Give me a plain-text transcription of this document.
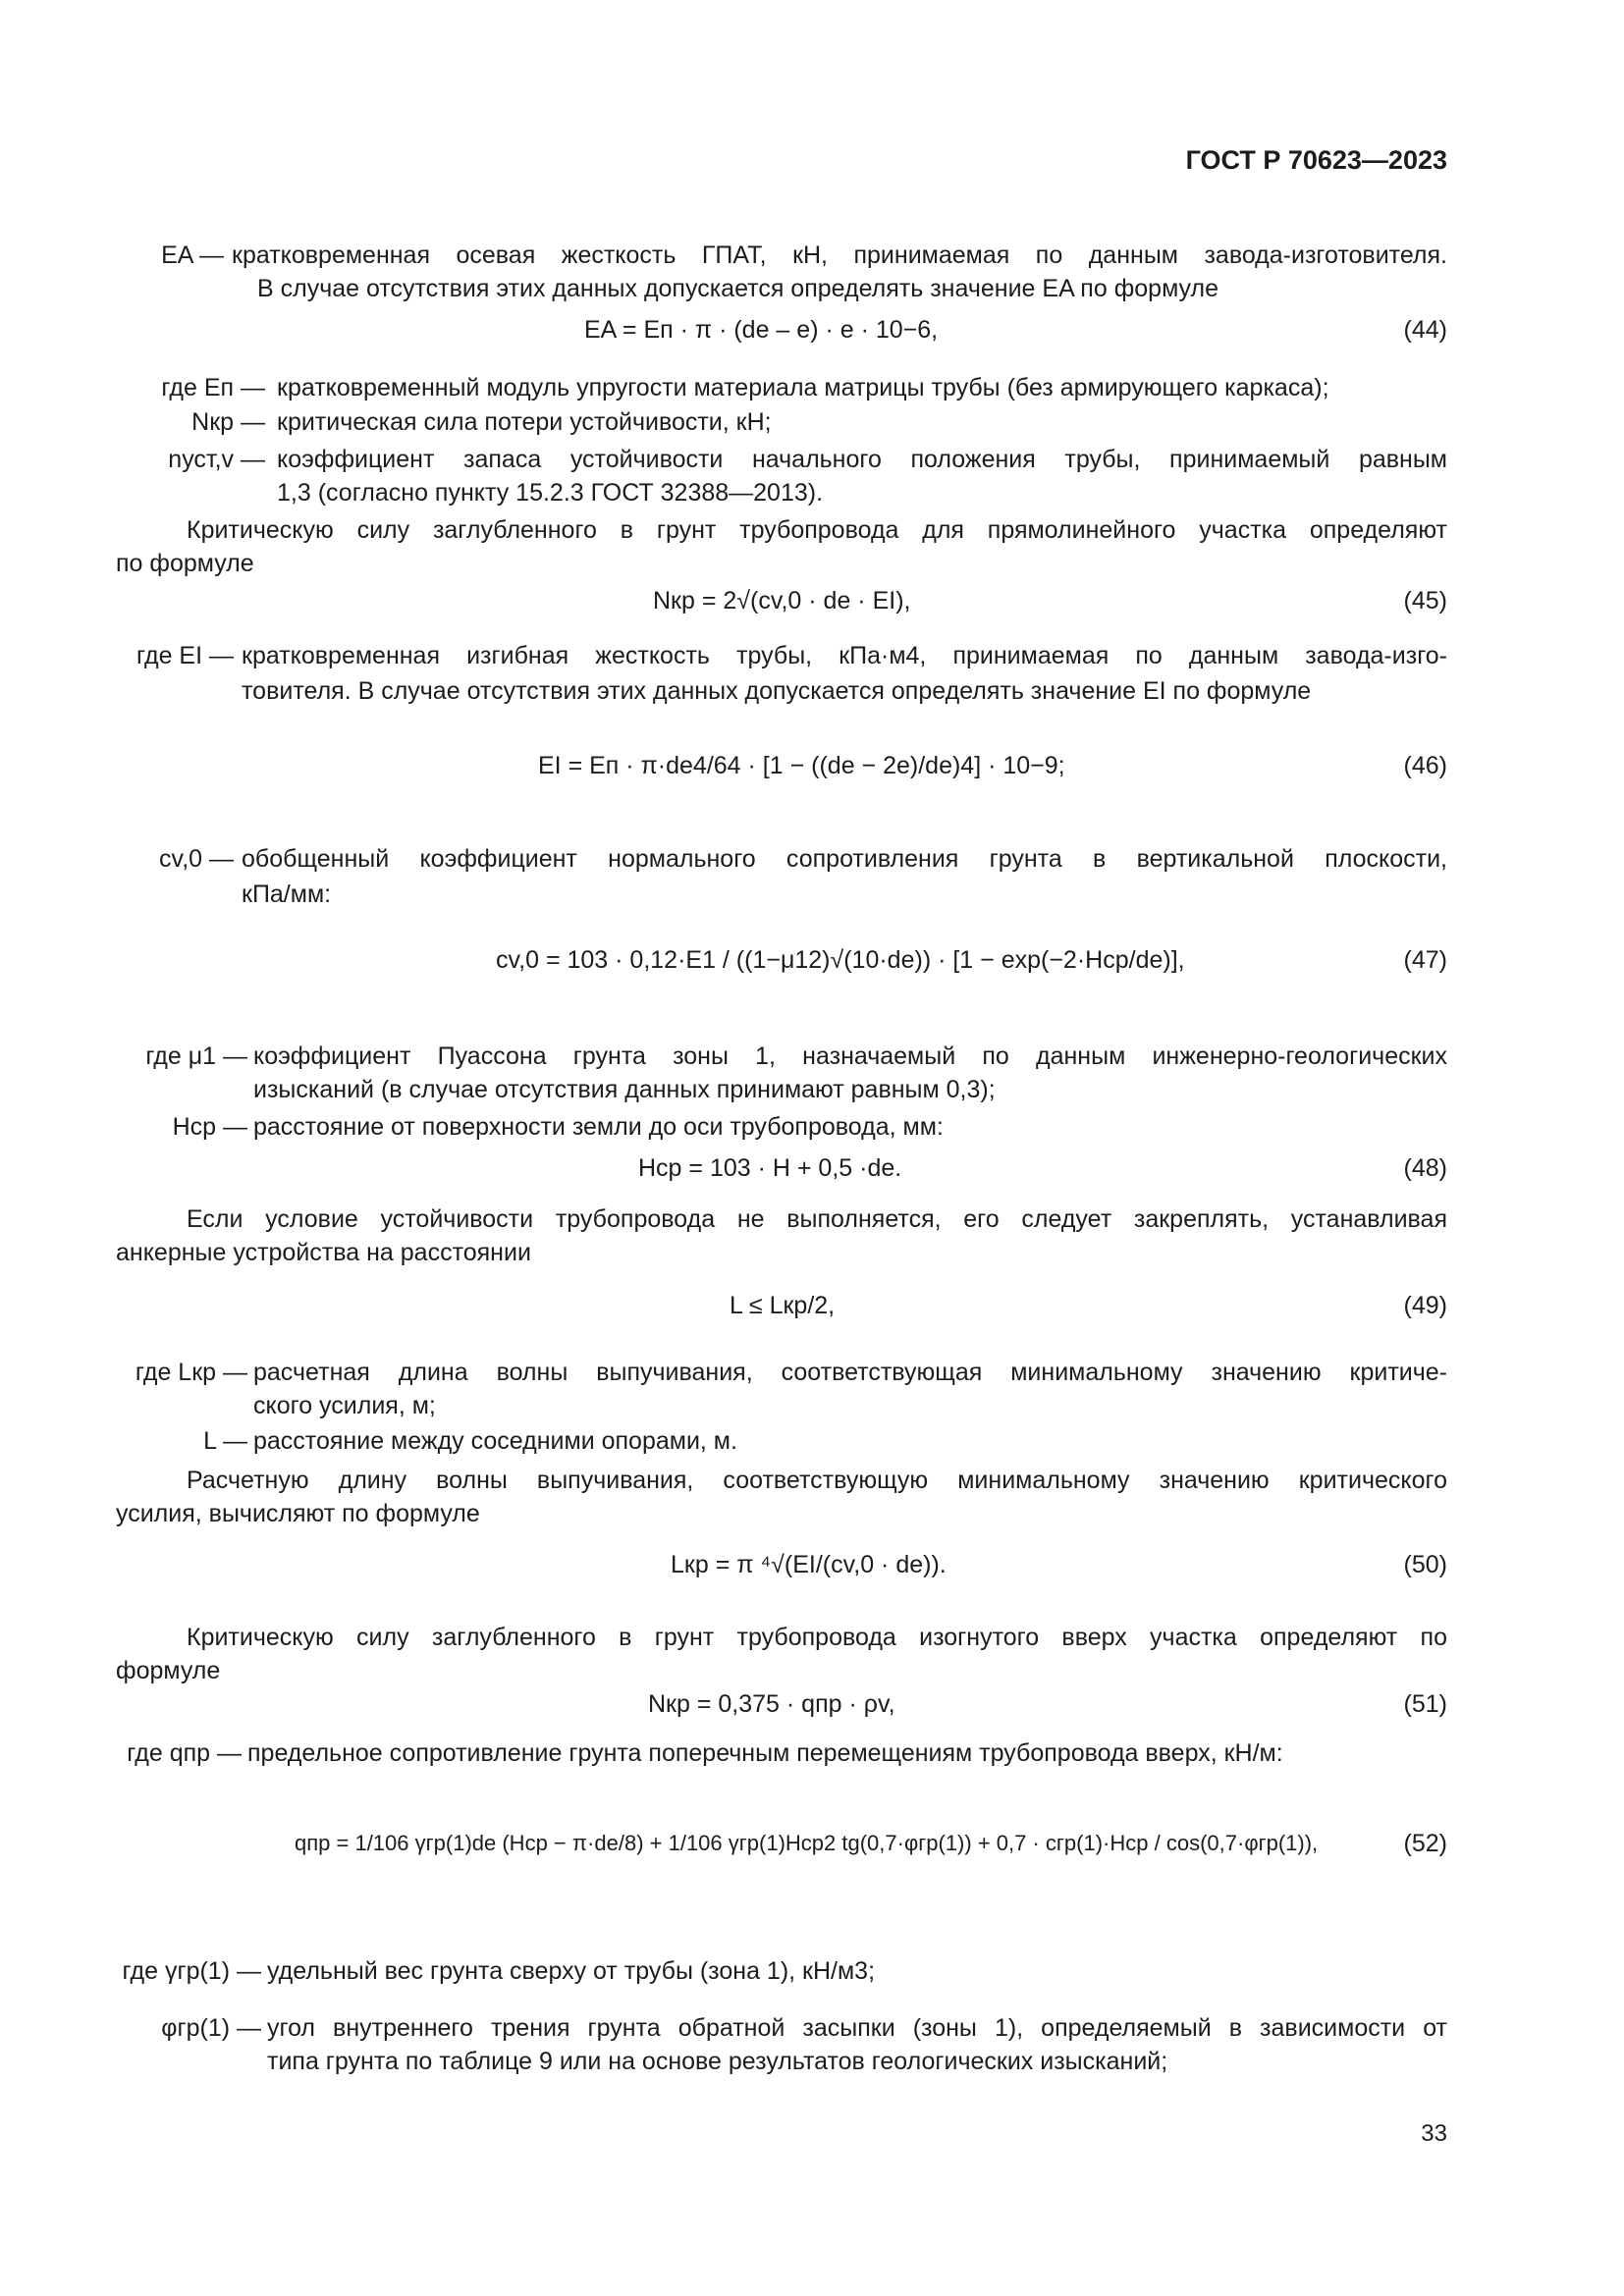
ГОСТ Р 70623—2023
EA — кратковременная осевая жесткость ГПАТ, кН, принимаемая по данным завода-изготовителя.
В случае отсутствия этих данных допускается определять значение EA по формуле
EA = Eп · π · (de – e) · e · 10−6,	(44)
где Eп — кратковременный модуль упругости материала матрицы трубы (без армирующего каркаса);
Nкр — критическая сила потери устойчивости, кН;
nуст,v — коэффициент запаса устойчивости начального положения трубы, принимаемый равным
1,3 (согласно пункту 15.2.3 ГОСТ 32388—2013).
Критическую силу заглубленного в грунт трубопровода для прямолинейного участка определяют
по формуле
Nкр = 2√(cv,0 · de · EI),	(45)
где EI — кратковременная изгибная жесткость трубы, кПа·м4, принимаемая по данным завода-изго-
товителя. В случае отсутствия этих данных допускается определять значение EI по формуле
EI = Eп · π·de4/64 · [1 − ((de − 2e)/de)4] · 10−9;	(46)
cv,0 — обобщенный коэффициент нормального сопротивления грунта в вертикальной плоскости,
кПа/мм:
cv,0 = 103 · 0,12·E1 / ((1−μ12)√(10·de)) · [1 − exp(−2·Hср/de)],	(47)
где μ1 — коэффициент Пуассона грунта зоны 1, назначаемый по данным инженерно-геологических
изысканий (в случае отсутствия данных принимают равным 0,3);
Hср — расстояние от поверхности земли до оси трубопровода, мм:
Hср = 103 · H + 0,5 ·de.	(48)
Если условие устойчивости трубопровода не выполняется, его следует закреплять, устанавливая
анкерные устройства на расстоянии
L ≤ Lкр/2,	(49)
где Lкр — расчетная длина волны выпучивания, соответствующая минимальному значению критиче-
ского усилия, м;
L — расстояние между соседними опорами, м.
Расчетную длину волны выпучивания, соответствующую минимальному значению критического
усилия, вычисляют по формуле
Lкр = π ⁴√(EI/(cv,0 · de)).	(50)
Критическую силу заглубленного в грунт трубопровода изогнутого вверх участка определяют по
формуле
Nкр = 0,375 · qпр · ρv,	(51)
где qпр — предельное сопротивление грунта поперечным перемещениям трубопровода вверх, кН/м:
qпр = 1/106 γгр(1)de (Hср − π·de/8) + 1/106 γгр(1)Hср2 tg(0,7·φгр(1)) + 0,7 · cгр(1)·Hср / cos(0,7·φгр(1)),	(52)
где γгр(1) — удельный вес грунта сверху от трубы (зона 1), кН/м3;
φгр(1) — угол внутреннего трения грунта обратной засыпки (зоны 1), определяемый в зависимости от
типа грунта по таблице 9 или на основе результатов геологических изысканий;
33
